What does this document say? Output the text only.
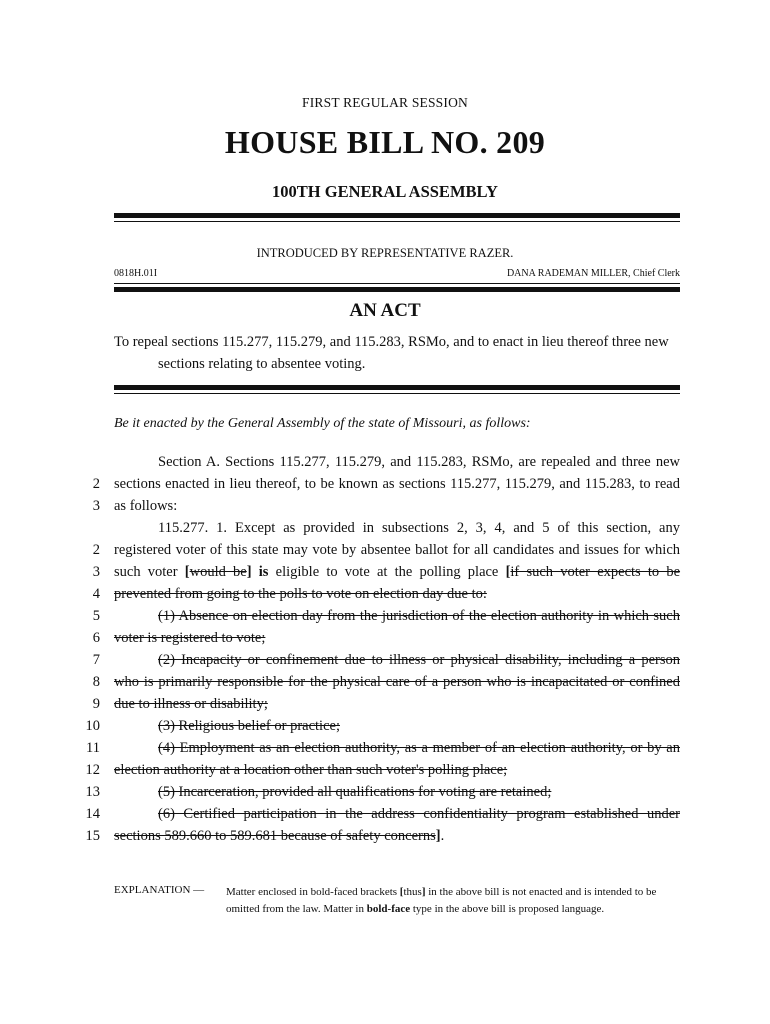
FIRST REGULAR SESSION
HOUSE BILL NO. 209
100TH GENERAL ASSEMBLY
INTRODUCED BY REPRESENTATIVE RAZER.
0818H.01I	DANA RADEMAN MILLER, Chief Clerk
AN ACT
To repeal sections 115.277, 115.279, and 115.283, RSMo, and to enact in lieu thereof three new
sections relating to absentee voting.
Be it enacted by the General Assembly of the state of Missouri, as follows:
Section A. Sections 115.277, 115.279, and 115.283, RSMo, are repealed and three new
2 sections enacted in lieu thereof, to be known as sections 115.277, 115.279, and 115.283, to read
3 as follows:
115.277. 1. Except as provided in subsections 2, 3, 4, and 5 of this section, any
2 registered voter of this state may vote by absentee ballot for all candidates and issues for which
3 such voter [would be] is eligible to vote at the polling place [if such voter expects to be
4 prevented from going to the polls to vote on election day due to:
5	(1) Absence on election day from the jurisdiction of the election authority in which such
6 voter is registered to vote;
7	(2) Incapacity or confinement due to illness or physical disability, including a person
8 who is primarily responsible for the physical care of a person who is incapacitated or confined
9 due to illness or disability;
10	(3) Religious belief or practice;
11	(4) Employment as an election authority, as a member of an election authority, or by an
12 election authority at a location other than such voter's polling place;
13	(5) Incarceration, provided all qualifications for voting are retained;
14	(6) Certified participation in the address confidentiality program established under
15 sections 589.660 to 589.681 because of safety concerns].
EXPLANATION — Matter enclosed in bold-faced brackets [thus] in the above bill is not enacted and is intended to be omitted from the law. Matter in bold-face type in the above bill is proposed language.
